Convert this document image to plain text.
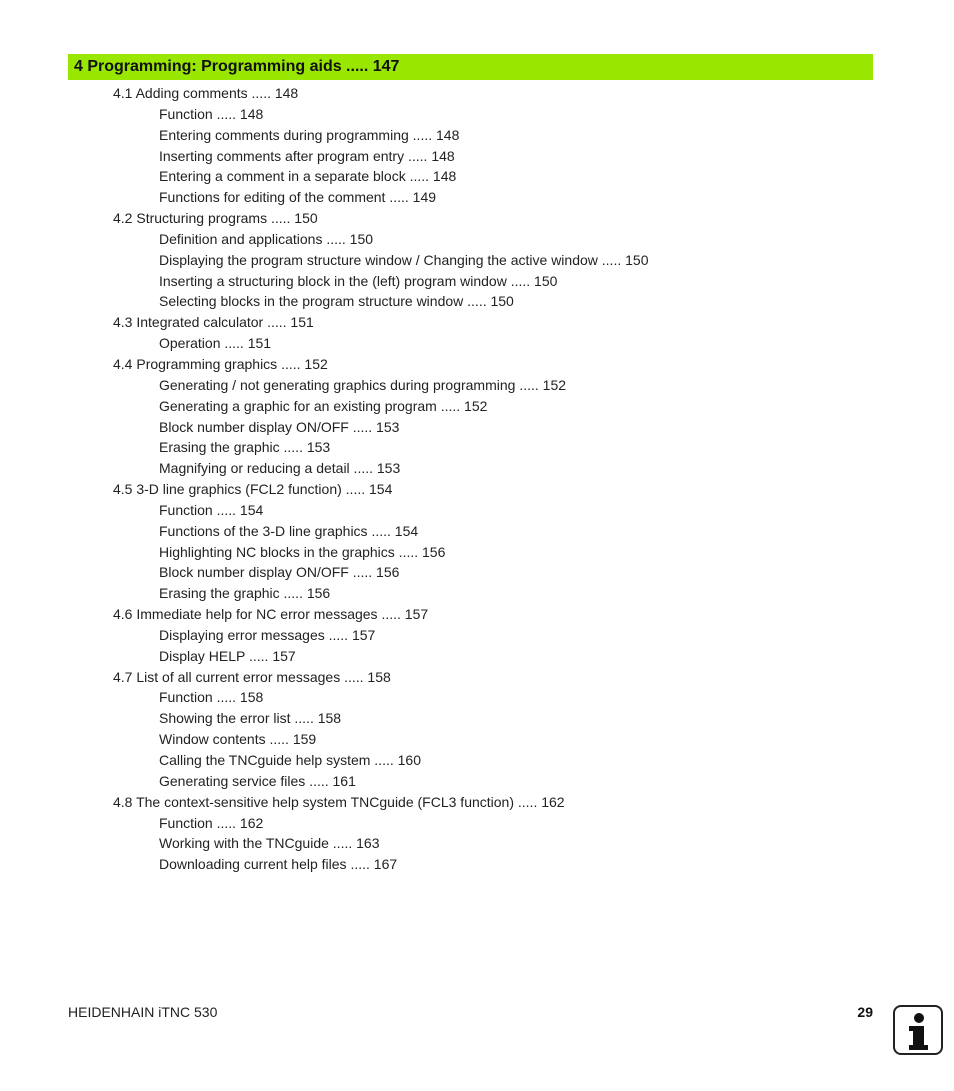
4 Programming: Programming aids ..... 147
4.1 Adding comments ..... 148
Function ..... 148
Entering comments during programming ..... 148
Inserting comments after program entry ..... 148
Entering a comment in a separate block ..... 148
Functions for editing of the comment ..... 149
4.2 Structuring programs ..... 150
Definition and applications ..... 150
Displaying the program structure window / Changing the active window ..... 150
Inserting a structuring block in the (left) program window ..... 150
Selecting blocks in the program structure window ..... 150
4.3 Integrated calculator ..... 151
Operation ..... 151
4.4 Programming graphics ..... 152
Generating / not generating graphics during programming ..... 152
Generating a graphic for an existing program ..... 152
Block number display ON/OFF ..... 153
Erasing the graphic ..... 153
Magnifying or reducing a detail ..... 153
4.5 3-D line graphics (FCL2 function) ..... 154
Function ..... 154
Functions of the 3-D line graphics ..... 154
Highlighting NC blocks in the graphics ..... 156
Block number display ON/OFF ..... 156
Erasing the graphic ..... 156
4.6 Immediate help for NC error messages ..... 157
Displaying error messages ..... 157
Display HELP ..... 157
4.7 List of all current error messages ..... 158
Function ..... 158
Showing the error list ..... 158
Window contents ..... 159
Calling the TNCguide help system ..... 160
Generating service files ..... 161
4.8 The context-sensitive help system TNCguide (FCL3 function) ..... 162
Function ..... 162
Working with the TNCguide ..... 163
Downloading current help files ..... 167
HEIDENHAIN iTNC 530	29
